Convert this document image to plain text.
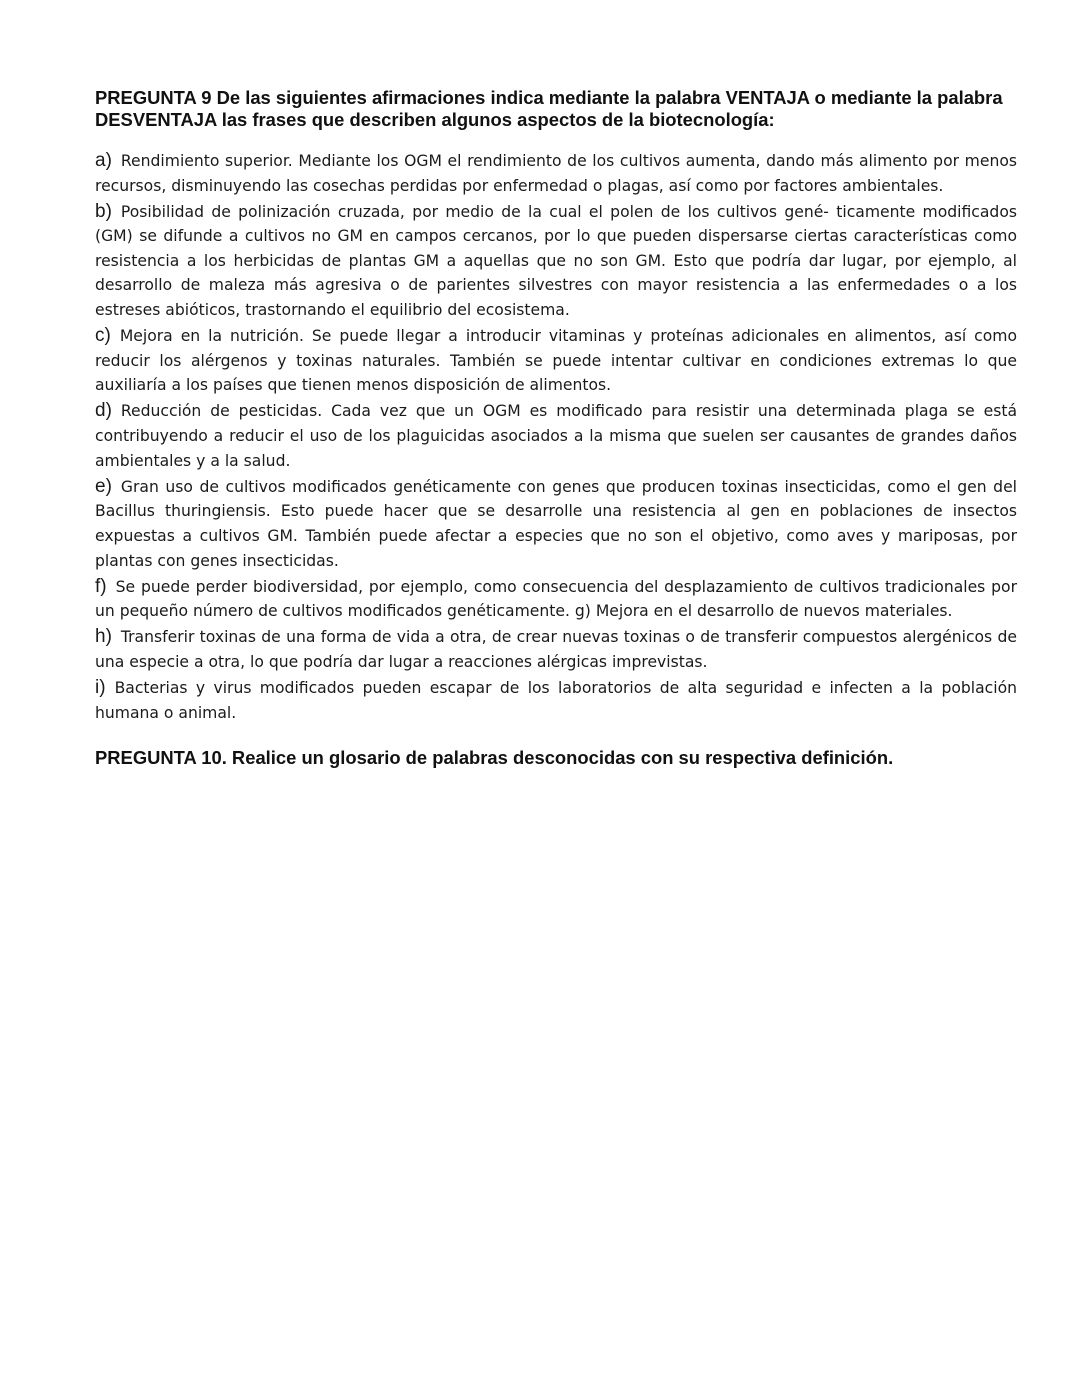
PREGUNTA 9 De las siguientes afirmaciones indica mediante la palabra VENTAJA o mediante la palabra DESVENTAJA las frases que describen algunos aspectos de la biotecnología:

a) Rendimiento superior. Mediante los OGM el rendimiento de los cultivos aumenta, dando más alimento por menos recursos, disminuyendo las cosechas perdidas por enfermedad o plagas, así como por factores ambientales.

b) Posibilidad de polinización cruzada, por medio de la cual el polen de los cultivos gené- ticamente modificados (GM) se difunde a cultivos no GM en campos cercanos, por lo que pueden dispersarse ciertas características como resistencia a los herbicidas de plantas GM a aquellas que no son GM. Esto que podría dar lugar, por ejemplo, al desarrollo de maleza más agresiva o de parientes silvestres con mayor resistencia a las enfermedades o a los estreses abióticos, trastornando el equilibrio del ecosistema.

c) Mejora en la nutrición. Se puede llegar a introducir vitaminas y proteínas adicionales en alimentos, así como reducir los alérgenos y toxinas naturales. También se puede intentar cultivar en condiciones extremas lo que auxiliaría a los países que tienen menos disposición de alimentos.

d) Reducción de pesticidas. Cada vez que un OGM es modificado para resistir una determinada plaga se está contribuyendo a reducir el uso de los plaguicidas asociados a la misma que suelen ser causantes de grandes daños ambientales y a la salud.

e) Gran uso de cultivos modificados genéticamente con genes que producen toxinas insecticidas, como el gen del Bacillus thuringiensis. Esto puede hacer que se desarrolle una resistencia al gen en poblaciones de insectos expuestas a cultivos GM. También puede afectar a especies que no son el objetivo, como aves y mariposas, por plantas con genes insecticidas.

f) Se puede perder biodiversidad, por ejemplo, como consecuencia del desplazamiento de cultivos tradicionales por un pequeño número de cultivos modificados genéticamente. g) Mejora en el desarrollo de nuevos materiales.

h) Transferir toxinas de una forma de vida a otra, de crear nuevas toxinas o de transferir compuestos alergénicos de una especie a otra, lo que podría dar lugar a reacciones alérgicas imprevistas.

i) Bacterias y virus modificados pueden escapar de los laboratorios de alta seguridad e infecten a la población humana o animal.

PREGUNTA 10. Realice un glosario de palabras desconocidas con su respectiva definición.
